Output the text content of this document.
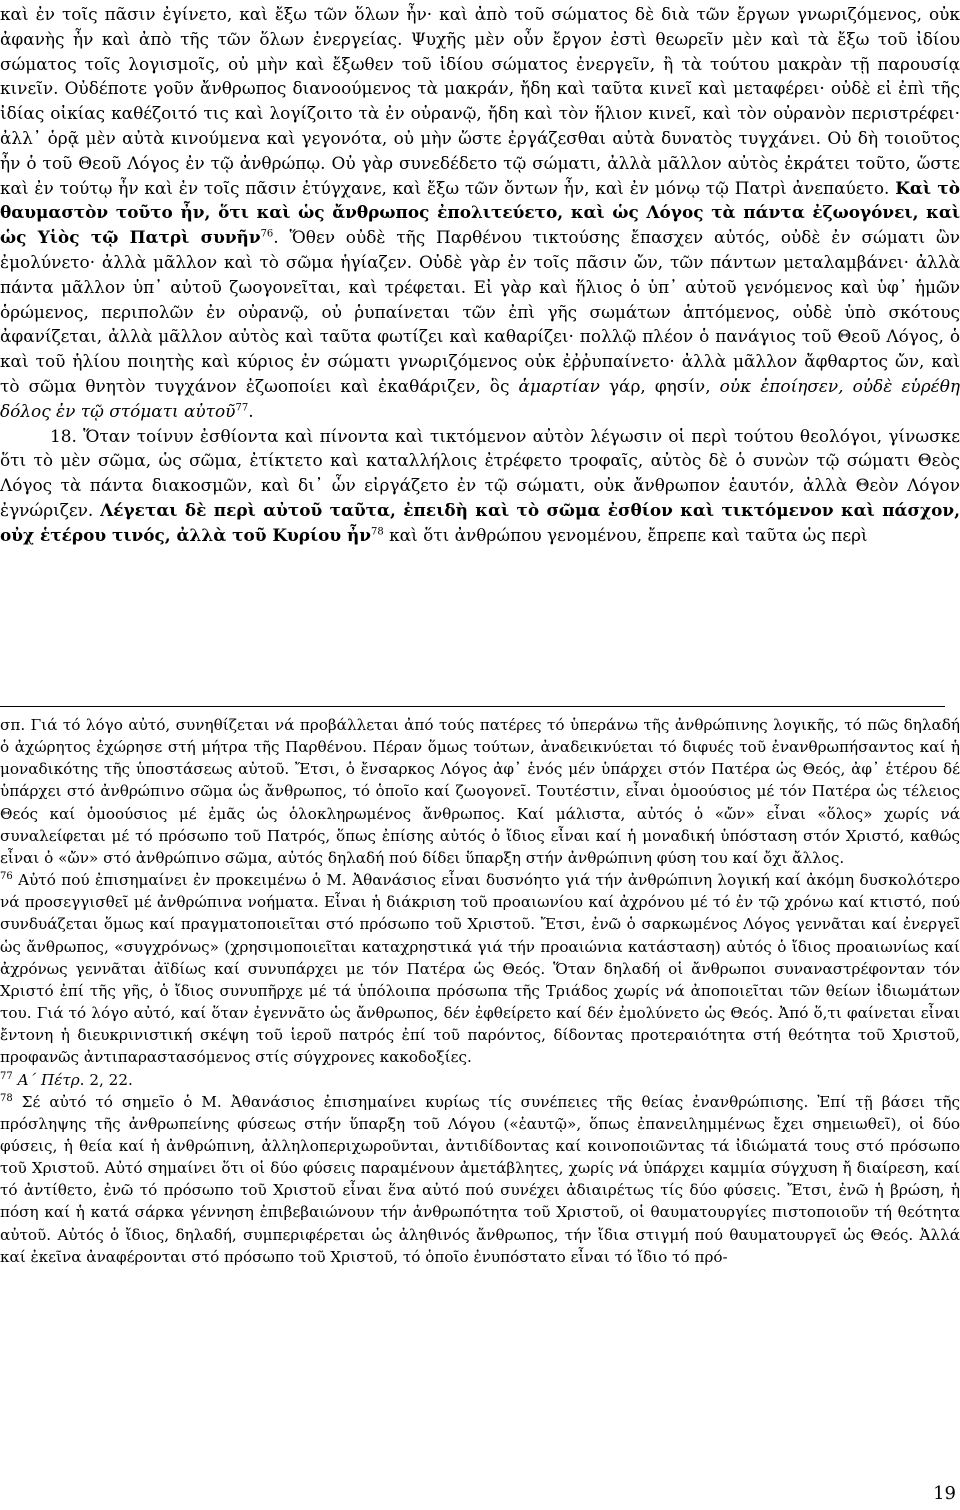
καὶ ἐν τοῖς πᾶσιν ἐγίνετο, καὶ ἔξω τῶν ὅλων ἦν· καὶ ἀπὸ τοῦ σώματος δὲ διὰ τῶν ἔργων γνωριζόμενος, οὐκ ἀφανὴς ἦν καὶ ἀπὸ τῆς τῶν ὅλων ἐνεργείας. Ψυχῆς μὲν οὖν ἔργον ἐστὶ θεωρεῖν μὲν καὶ τὰ ἔξω τοῦ ἰδίου σώματος τοῖς λογισμοῖς, οὐ μὴν καὶ ἔξωθεν τοῦ ἰδίου σώματος ἐνεργεῖν, ἢ τὰ τούτου μακρὰν τῇ παρουσίᾳ κινεῖν. Οὐδέποτε γοῦν ἄνθρωπος διανοούμενος τὰ μακράν, ἤδη καὶ ταῦτα κινεῖ καὶ μεταφέρει· οὐδὲ εἰ ἐπὶ τῆς ἰδίας οἰκίας καθέζοιτό τις καὶ λογίζοιτο τὰ ἐν οὐρανῷ, ἤδη καὶ τὸν ἥλιον κινεῖ, καὶ τὸν οὐρανὸν περιστρέφει· ἀλλ᾽ ὁρᾷ μὲν αὐτὰ κινούμενα καὶ γεγονότα, οὐ μὴν ὥστε ἐργάζεσθαι αὐτὰ δυνατὸς τυγχάνει. Οὐ δὴ τοιοῦτος ἦν ὁ τοῦ Θεοῦ Λόγος ἐν τῷ ἀνθρώπῳ. Οὐ γὰρ συνεδέδετο τῷ σώματι, ἀλλὰ μᾶλλον αὐτὸς ἐκράτει τοῦτο, ὥστε καὶ ἐν τούτῳ ἦν καὶ ἐν τοῖς πᾶσιν ἐτύγχανε, καὶ ἔξω τῶν ὄντων ἦν, καὶ ἐν μόνῳ τῷ Πατρὶ ἀνεπαύετο. Καὶ τὸ θαυμαστὸν τοῦτο ἦν, ὅτι καὶ ὡς ἄνθρωπος ἐπολιτεύετο, καὶ ὡς Λόγος τὰ πάντα ἐζωογόνει, καὶ ὡς Υἱὸς τῷ Πατρὶ συνῆν$^{76}$. Ὅθεν οὐδὲ τῆς Παρθένου τικτούσης ἔπασχεν αὐτός, οὐδὲ ἐν σώματι ὢν ἐμολύνετο· ἀλλὰ μᾶλλον καὶ τὸ σῶμα ἡγίαζεν. Οὐδὲ γὰρ ἐν τοῖς πᾶσιν ὤν, τῶν πάντων μεταλαμβάνει· ἀλλὰ πάντα μᾶλλον ὑπ᾽ αὐτοῦ ζωογονεῖται, καὶ τρέφεται. Εἰ γὰρ καὶ ἥλιος ὁ ὑπ᾽ αὐτοῦ γενόμενος καὶ ὑφ᾽ ἡμῶν ὁρώμενος, περιπολῶν ἐν οὐρανῷ, οὐ ῥυπαίνεται τῶν ἐπὶ γῆς σωμάτων ἁπτόμενος, οὐδὲ ὑπὸ σκότους ἀφανίζεται, ἀλλὰ μᾶλλον αὐτὸς καὶ ταῦτα φωτίζει καὶ καθαρίζει· πολλῷ πλέον ὁ πανάγιος τοῦ Θεοῦ Λόγος, ὁ καὶ τοῦ ἡλίου ποιητὴς καὶ κύριος ἐν σώματι γνωριζόμενος οὐκ ἐῤῥυπαίνετο· ἀλλὰ μᾶλλον ἄφθαρτος ὤν, καὶ τὸ σῶμα θνητὸν τυγχάνον ἐζωοποίει καὶ ἐκαθάριζεν, ὃς ἁμαρτίαν γάρ, φησίν, οὐκ ἐποίησεν, οὐδὲ εὑρέθη δόλος ἐν τῷ στόματι αὐτοῦ$^{77}$.

18. Ὅταν τοίνυν ἐσθίοντα καὶ πίνοντα καὶ τικτόμενον αὐτὸν λέγωσιν οἱ περὶ τούτου θεολόγοι, γίνωσκε ὅτι τὸ μὲν σῶμα, ὡς σῶμα, ἐτίκτετο καὶ καταλλήλοις ἐτρέφετο τροφαῖς, αὐτὸς δὲ ὁ συνὼν τῷ σώματι Θεὸς Λόγος τὰ πάντα διακοσμῶν, καὶ δι᾽ ὧν εἰργάζετο ἐν τῷ σώματι, οὐκ ἄνθρωπον ἑαυτόν, ἀλλὰ Θεὸν Λόγον ἐγνώριζεν. Λέγεται δὲ περὶ αὐτοῦ ταῦτα, ἐπειδὴ καὶ τὸ σῶμα ἐσθίον καὶ τικτόμενον καὶ πάσχον, οὐχ ἑτέρου τινός, ἀλλὰ τοῦ Κυρίου ἦν$^{78}$ καὶ ὅτι ἀνθρώπου γενομένου, ἔπρεπε καὶ ταῦτα ὡς περὶ

σπ. Γιά τό λόγο αὐτό, συνηθίζεται νά προβάλλεται ἀπό τούς πατέρες τό ὑπεράνω τῆς ἀνθρώπινης λογικῆς, τό πῶς δηλαδή ὁ ἀχώρητος ἐχώρησε στή μήτρα τῆς Παρθένου. Πέραν ὅμως τούτων, ἀναδεικνύεται τό διφυές τοῦ ἐνανθρωπήσαντος καί ἡ μοναδικότης τῆς ὑποστάσεως αὐτοῦ. Ἔτσι, ὁ ἔνσαρκος Λόγος ἀφ᾽ ἑνός μέν ὑπάρχει στόν Πατέρα ὡς Θεός, ἀφ᾽ ἑτέρου δέ ὑπάρχει στό ἀνθρώπινο σῶμα ὡς ἄνθρωπος, τό ὁποῖο καί ζωογονεῖ. Τουτέστιν, εἶναι ὁμοούσιος μέ τόν Πατέρα ὡς τέλειος Θεός καί ὁμοούσιος μέ ἐμᾶς ὡς ὁλοκληρωμένος ἄνθρωπος. Καί μάλιστα, αὐτός ὁ «ὤν» εἶναι «ὅλος» χωρίς νά συναλείφεται μέ τό πρόσωπο τοῦ Πατρός, ὅπως ἐπίσης αὐτός ὁ ἴδιος εἶναι καί ἡ μοναδική ὑπόσταση στόν Χριστό, καθώς εἶναι ὁ «ὤν» στό ἀνθρώπινο σῶμα, αὐτός δηλαδή πού δίδει ὕπαρξη στήν ἀνθρώπινη φύση του καί ὄχι ἄλλος.

$^{76}$ Αὐτό πού ἐπισημαίνει ἐν προκειμένω ὁ Μ. Ἀθανάσιος εἶναι δυσνόητο γιά τήν ἀνθρώπινη λογική καί ἀκόμη δυσκολότερο νά προσεγγισθεῖ μέ ἀνθρώπινα νοήματα. Εἶναι ἡ διάκριση τοῦ προαιωνίου καί ἀχρόνου μέ τό ἐν τῷ χρόνω καί κτιστό, πού συνδυάζεται ὅμως καί πραγματοποιεῖται στό πρόσωπο τοῦ Χριστοῦ. Ἔτσι, ἐνῶ ὁ σαρκωμένος Λόγος γεννᾶται καί ἐνεργεῖ ὡς ἄνθρωπος, «συγχρόνως» (χρησιμοποιεῖται καταχρηστικά γιά τήν προαιώνια κατάσταση) αὐτός ὁ ἴδιος προαιωνίως καί ἀχρόνως γεννᾶται ἀϊδίως καί συνυπάρχει με τόν Πατέρα ὡς Θεός. Ὅταν δηλαδή οἱ ἄνθρωποι συναναστρέφονταν τόν Χριστό ἐπί τῆς γῆς, ὁ ἴδιος συνυπῆρχε μέ τά ὑπόλοιπα πρόσωπα τῆς Τριάδος χωρίς νά ἀποποιεῖται τῶν θείων ἰδιωμάτων του. Γιά τό λόγο αὐτό, καί ὅταν ἐγεννᾶτο ὡς ἄνθρωπος, δέν ἐφθείρετο καί δέν ἐμολύνετο ὡς Θεός. Ἀπό ὅ,τι φαίνεται εἶναι ἔντονη ἡ διευκρινιστική σκέψη τοῦ ἱεροῦ πατρός ἐπί τοῦ παρόντος, δίδοντας προτεραιότητα στή θεότητα τοῦ Χριστοῦ, προφανῶς ἀντιπαραστασόμενος στίς σύγχρονες κακοδοξίες.

$^{77}$ Α´ Πέτρ. 2, 22.

$^{78}$ Σέ αὐτό τό σημεῖο ὁ Μ. Ἀθανάσιος ἐπισημαίνει κυρίως τίς συνέπειες τῆς θείας ἐνανθρώπισης. Ἐπί τῇ βάσει τῆς πρόσληψης τῆς ἀνθρωπείνης φύσεως στήν ὕπαρξη τοῦ Λόγου («ἑαυτῷ», ὅπως ἐπανειλημμένως ἔχει σημειωθεῖ), οἱ δύο φύσεις, ἡ θεία καί ἡ ἀνθρώπινη, ἀλληλοπεριχωροῦνται, ἀντιδίδοντας καί κοινοποιῶντας τά ἰδιώματά τους στό πρόσωπο τοῦ Χριστοῦ. Αὐτό σημαίνει ὅτι οἱ δύο φύσεις παραμένουν ἀμετάβλητες, χωρίς νά ὑπάρχει καμμία σύγχυση ἤ διαίρεση, καί τό ἀντίθετο, ἐνῶ τό πρόσωπο τοῦ Χριστοῦ εἶναι ἕνα αὐτό πού συνέχει ἀδιαιρέτως τίς δύο φύσεις. Ἔτσι, ἐνῶ ἡ βρώση, ἡ πόση καί ἡ κατά σάρκα γέννηση ἐπιβεβαιώνουν τήν ἀνθρωπότητα τοῦ Χριστοῦ, οἱ θαυματουργίες πιστοποιοῦν τή θεότητα αὐτοῦ. Αὐτός ὁ ἴδιος, δηλαδή, συμπεριφέρεται ὡς ἀληθινός ἄνθρωπος, τήν ἴδια στιγμή πού θαυματουργεῖ ὡς Θεός. Ἀλλά καί ἐκεῖνα ἀναφέρονται στό πρόσωπο τοῦ Χριστοῦ, τό ὁποῖο ἐνυπόστατο εἶναι τό ἴδιο τό πρό-

19
